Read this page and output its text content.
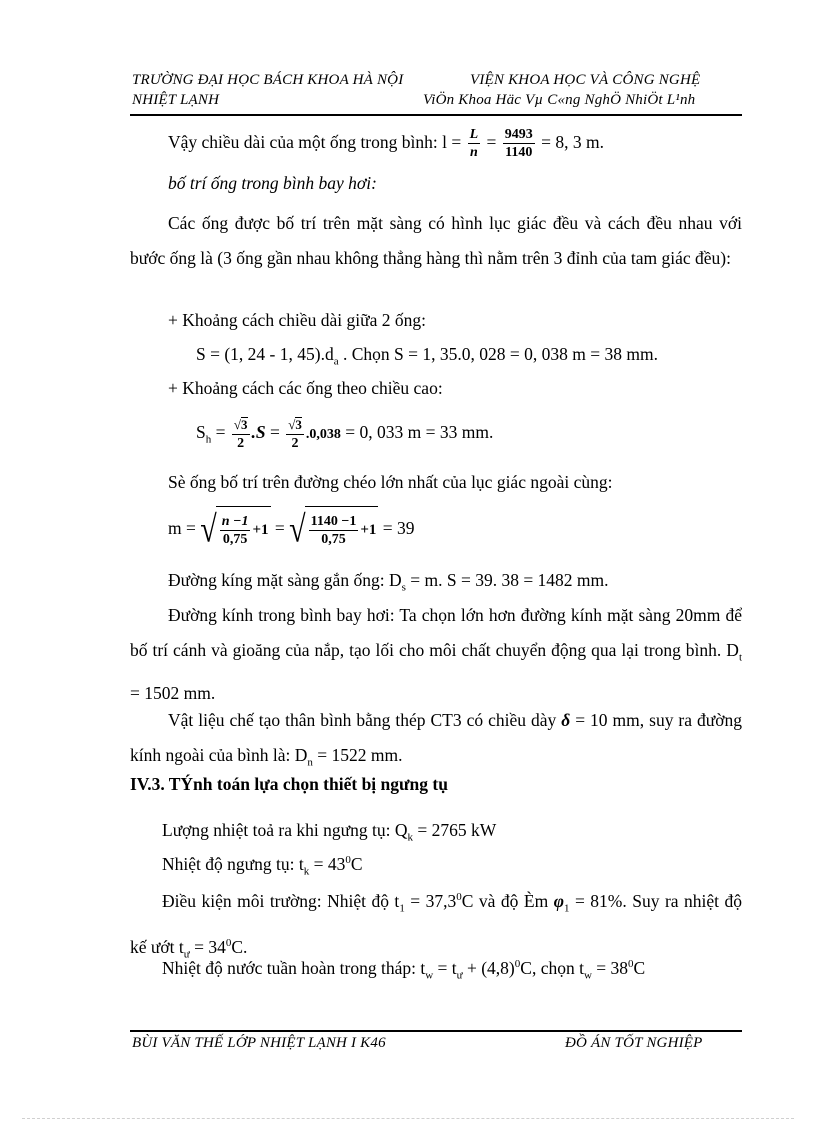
TRƯỜNG ĐẠI HỌC BÁCH KHOA HÀ NỘI
NHIỆT LẠNH
VIỆN KHOA HỌC VÀ CÔNG NGHỆ
ViÖn Khoa Häc Vµ C«ng NghÖ NhiÖt L¹nh
Vậy chiều dài của một ống trong bình: $l = \frac{L}{n} = \frac{9493}{1140} = 8$, 3 m.
bố trí ống trong bình bay hơi:
Các ống được bố trí trên mặt sàng có hình lục giác đều và cách đều nhau với bước ống là (3 ống gần nhau không thẳng hàng thì nằm trên 3 đỉnh của tam giác đều):
+ Khoảng cách chiều dài giữa 2 ống:
S = (1, 24 - 1, $45).d_a$ . Chọn S = 1, 35.0, 028 = 0, 038 m = 38 mm.
+ Khoảng cách các ống theo chiều cao:
$S_h = \frac{√ 3}{2} .S = \frac{√ 3}{2} .0,038 = 0$, 033 m = 33 mm.
Sè ống bố trí trên đường chéo lớn nhất của lục giác ngoài cùng:
m = √ $\frac{n -1}{0,75} +1$ = √ $\frac{1140 -1}{0,75} +1 = 39$
Đường kíng mặt sàng gắn ống: $D_s = m$. S = 39. 38 = 1482 mm.
Đường kính trong bình bay hơi: Ta chọn lớn hơn đường kính mặt sàng 20mm để bố trí cánh và gioăng của nắp, tạo lối cho môi chất chuyển động qua lại trong bình. $D_t = 1502$ mm.
Vật liệu chế tạo thân bình bằng thép CT3 có chiều dày δ = 10 mm, suy ra đường kính ngoài của bình là: $D_n = 1522$ mm.
IV.3. TÝnh toán lựa chọn thiết bị ngưng tụ
Lượng nhiệt toả ra khi ngưng tụ: $Q_k = 2765$ kW
Nhiệt độ ngưng tụ: $t_k = 43^0C$
Điều kiện môi trường: Nhiệt độ $t_1 = 37,3^0C$ và độ Èm $\varphi_1 = 81\%$. Suy ra nhiệt độ kế ướt $t_ư = 34^0C$.
Nhiệt độ nước tuần hoàn trong tháp: $t_w = t_ư + (4,8)^0C$, chọn $t_w = 38^0C$
BÙI VĂN THẾ LỚP NHIỆT LẠNH I K46	ĐỒ ÁN TỐT NGHIỆP
